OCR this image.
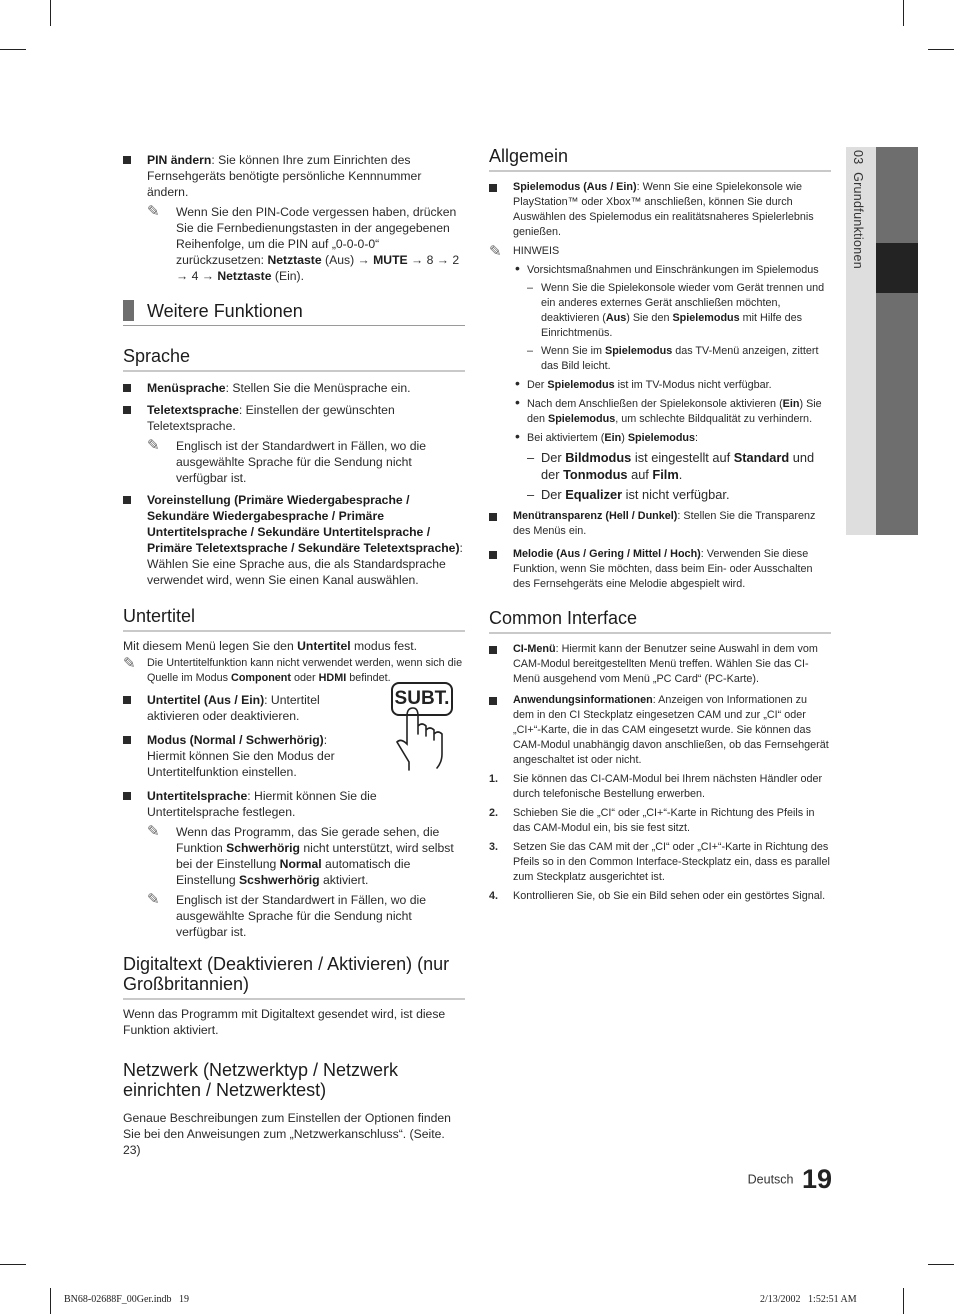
03  Grundfunktionen
PIN ändern: Sie können Ihre zum Einrichten des Fernsehgeräts benötigte persönliche Kennnummer ändern.
✎ Wenn Sie den PIN-Code vergessen haben, drücken Sie die Fernbedienungstasten in der angegebenen Reihenfolge, um die PIN auf „0-0-0-0“ zurückzusetzen: Netztaste (Aus) → MUTE → 8 → 2 → 4 → Netztaste (Ein).
Weitere Funktionen
Sprache
Menüsprache: Stellen Sie die Menüsprache ein.
Teletextsprache: Einstellen der gewünschten Teletextsprache.
✎ Englisch ist der Standardwert in Fällen, wo die ausgewählte Sprache für die Sendung nicht verfügbar ist.
Voreinstellung (Primäre Wiedergabesprache / Sekundäre Wiedergabesprache / Primäre Untertitelsprache / Sekundäre Untertitelsprache / Primäre Teletextsprache / Sekundäre Teletextsprache): Wählen Sie eine Sprache aus, die als Standardsprache verwendet wird, wenn Sie einen Kanal auswählen.
Untertitel
Mit diesem Menü legen Sie den Untertitel modus fest.
✎ Die Untertitelfunktion kann nicht verwendet werden, wenn sich die Quelle im Modus Component oder HDMI befindet.
SUBT.
Untertitel (Aus / Ein): Untertitel aktivieren oder deaktivieren.
Modus (Normal / Schwerhörig): Hiermit können Sie den Modus der Untertitelfunktion einstellen.
Untertitelsprache: Hiermit können Sie die Untertitelsprache festlegen.
✎ Wenn das Programm, das Sie gerade sehen, die Funktion Schwerhörig nicht unterstützt, wird selbst bei der Einstellung Normal automatisch die Einstellung Scshwerhörig aktiviert.
✎ Englisch ist der Standardwert in Fällen, wo die ausgewählte Sprache für die Sendung nicht verfügbar ist.
Digitaltext (Deaktivieren / Aktivieren) (nur Großbritannien)
Wenn das Programm mit Digitaltext gesendet wird, ist diese Funktion aktiviert.
Netzwerk (Netzwerktyp / Netzwerk einrichten / Netzwerktest)
Genaue Beschreibungen zum Einstellen der Optionen finden Sie bei den Anweisungen zum „Netzwerkanschluss“. (Seite. 23)
Allgemein
Spielemodus (Aus / Ein): Wenn Sie eine Spielekonsole wie PlayStation™ oder Xbox™ anschließen, können Sie durch Auswählen des Spielemodus ein realitätsnaheres Spielerlebnis genießen.
✎ HINWEIS
• Vorsichtsmaßnahmen und Einschränkungen im Spielemodus
– Wenn Sie die Spielekonsole wieder vom Gerät trennen und ein anderes externes Gerät anschließen möchten, deaktivieren (Aus) Sie den Spielemodus mit Hilfe des Einrichtmenüs.
– Wenn Sie im Spielemodus das TV-Menü anzeigen, zittert das Bild leicht.
• Der Spielemodus ist im TV-Modus nicht verfügbar.
• Nach dem Anschließen der Spielekonsole aktivieren (Ein) Sie den Spielemodus, um schlechte Bildqualität zu verhindern.
• Bei aktiviertem (Ein) Spielemodus:
– Der Bildmodus ist eingestellt auf Standard und der Tonmodus auf Film.
– Der Equalizer ist nicht verfügbar.
Menütransparenz (Hell / Dunkel): Stellen Sie die Transparenz des Menüs ein.
Melodie (Aus / Gering / Mittel / Hoch): Verwenden Sie diese Funktion, wenn Sie möchten, dass beim Ein- oder Ausschalten des Fernsehgeräts eine Melodie abgespielt wird.
Common Interface
CI-Menü: Hiermit kann der Benutzer seine Auswahl in dem vom CAM-Modul bereitgestellten Menü treffen. Wählen Sie das CI-Menü ausgehend vom Menü „PC Card“ (PC-Karte).
Anwendungsinformationen: Anzeigen von Informationen zu dem in den CI Steckplatz eingesetzen CAM und zur „CI“ oder „CI+“-Karte, die in das CAM eingesetzt wurde. Sie können das CAM-Modul unabhängig davon anschließen, ob das Fernsehgerät angeschaltet ist oder nicht.
1. Sie können das CI-CAM-Modul bei Ihrem nächsten Händler oder durch telefonische Bestellung erwerben.
2. Schieben Sie die „CI“ oder „CI+“-Karte in Richtung des Pfeils in das CAM-Modul ein, bis sie fest sitzt.
3. Setzen Sie das CAM mit der „CI“ oder „CI+“-Karte in Richtung des Pfeils so in den Common Interface-Steckplatz ein, dass es parallel zum Steckplatz ausgerichtet ist.
4. Kontrollieren Sie, ob Sie ein Bild sehen oder ein gestörtes Signal.
Deutsch 19
BN68-02688F_00Ger.indb   19	2/13/2002   1:52:51 AM
